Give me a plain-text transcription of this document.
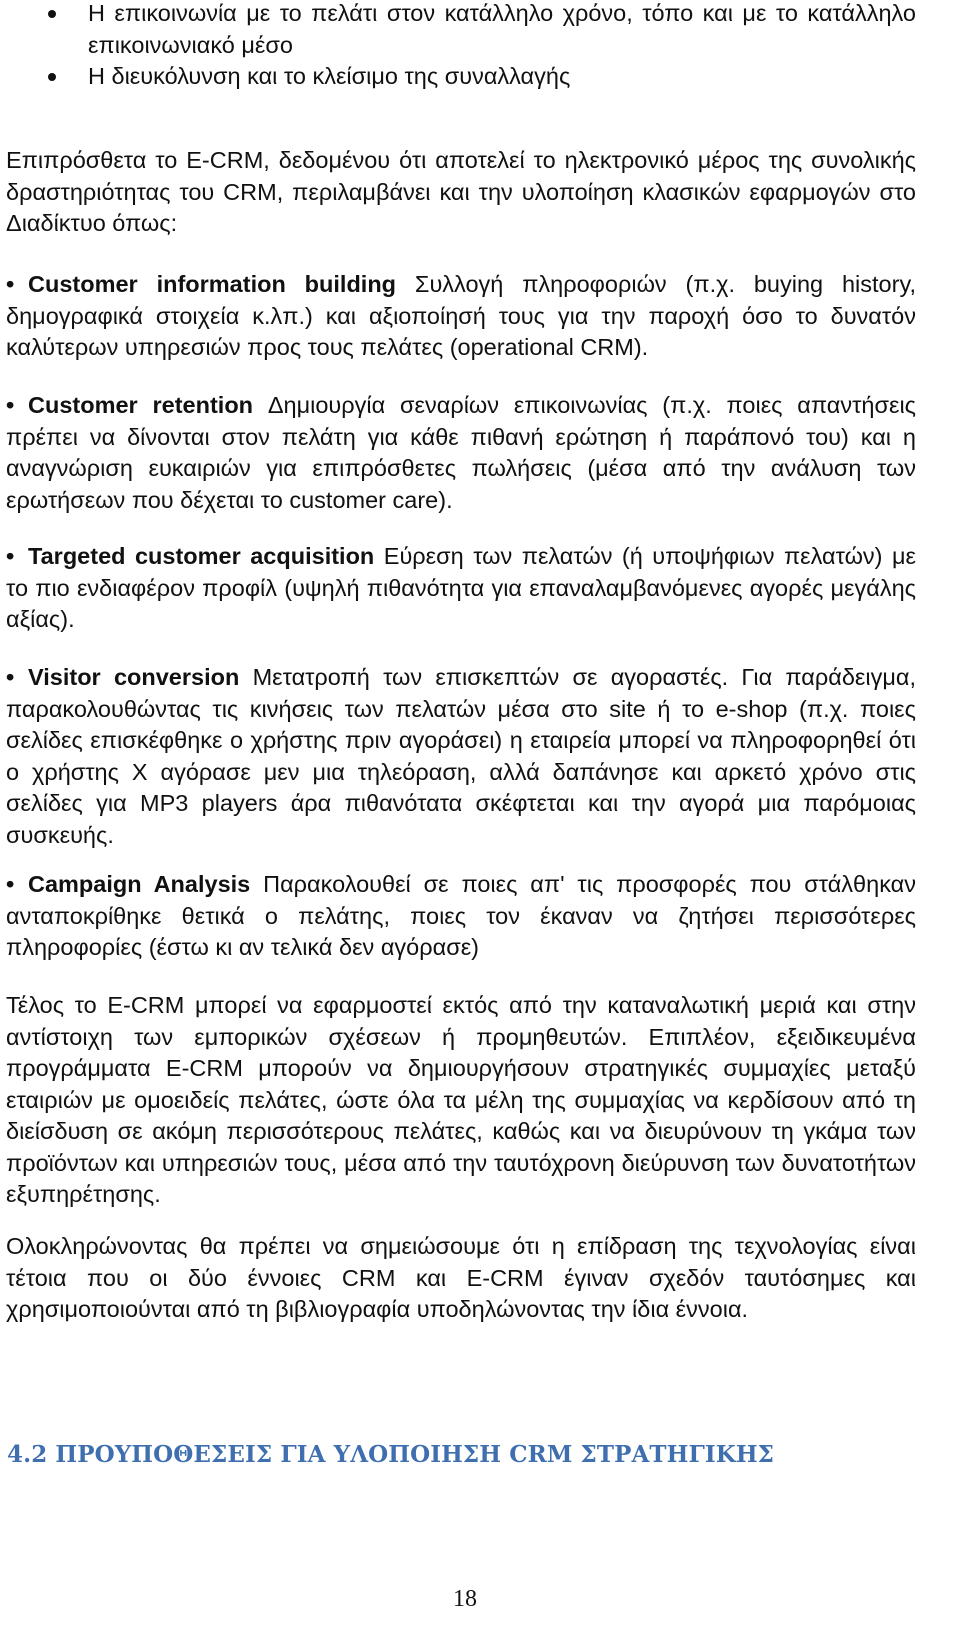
Η επικοινωνία με το πελάτι στον κατάλληλο χρόνο, τόπο και με το κατάλληλο επικοινωνιακό μέσο
Η διευκόλυνση και το κλείσιμο της συναλλαγής

Επιπρόσθετα το E-CRM, δεδομένου ότι αποτελεί το ηλεκτρονικό μέρος της συνολικής δραστηριότητας του CRM, περιλαμβάνει και την υλοποίηση κλασικών εφαρμογών στο Διαδίκτυο όπως:

• Customer information building Συλλογή πληροφοριών (π.χ. buying history, δημογραφικά στοιχεία κ.λπ.) και αξιοποίησή τους για την παροχή όσο το δυνατόν καλύτερων υπηρεσιών προς τους πελάτες (operational CRM).

• Customer retention Δημιουργία σεναρίων επικοινωνίας (π.χ. ποιες απαντήσεις πρέπει να δίνονται στον πελάτη για κάθε πιθανή ερώτηση ή παράπονό του) και η αναγνώριση ευκαιριών για επιπρόσθετες πωλήσεις (μέσα από την ανάλυση των ερωτήσεων που δέχεται το customer care).

• Targeted customer acquisition Εύρεση των πελατών (ή υποψήφιων πελατών) με το πιο ενδιαφέρον προφίλ (υψηλή πιθανότητα για επαναλαμβανόμενες αγορές μεγάλης αξίας).

• Visitor conversion Μετατροπή των επισκεπτών σε αγοραστές. Για παράδειγμα, παρακολουθώντας τις κινήσεις των πελατών μέσα στο site ή το e-shop (π.χ. ποιες σελίδες επισκέφθηκε ο χρήστης πριν αγοράσει) η εταιρεία μπορεί να πληροφορηθεί ότι ο χρήστης Χ αγόρασε μεν μια τηλεόραση, αλλά δαπάνησε και αρκετό χρόνο στις σελίδες για MP3 players άρα πιθανότατα σκέφτεται και την αγορά μια παρόμοιας συσκευής.

• Campaign Analysis Παρακολουθεί σε ποιες απ' τις προσφορές που στάλθηκαν ανταποκρίθηκε θετικά ο πελάτης, ποιες τον έκαναν να ζητήσει περισσότερες πληροφορίες (έστω κι αν τελικά δεν αγόρασε)

Τέλος το E-CRM μπορεί να εφαρμοστεί εκτός από την καταναλωτική μεριά και στην αντίστοιχη των εμπορικών σχέσεων ή προμηθευτών. Επιπλέον, εξειδικευμένα προγράμματα E-CRM μπορούν να δημιουργήσουν στρατηγικές συμμαχίες μεταξύ εταιριών με ομοειδείς πελάτες, ώστε όλα τα μέλη της συμμαχίας να κερδίσουν από τη διείσδυση σε ακόμη περισσότερους πελάτες, καθώς και να διευρύνουν τη γκάμα των προϊόντων και υπηρεσιών τους, μέσα από την ταυτόχρονη διεύρυνση των δυνατοτήτων εξυπηρέτησης.

Ολοκληρώνοντας θα πρέπει να σημειώσουμε ότι η επίδραση της τεχνολογίας είναι τέτοια που οι δύο έννοιες CRM και E-CRM έγιναν σχεδόν ταυτόσημες και χρησιμοποιούνται από τη βιβλιογραφία υποδηλώνοντας την ίδια έννοια.

4.2 ΠΡΟΥΠΟΘΕΣΕΙΣ ΓΙΑ ΥΛΟΠΟΙΗΣΗ CRM ΣΤΡΑΤΗΓΙΚΗΣ
18
